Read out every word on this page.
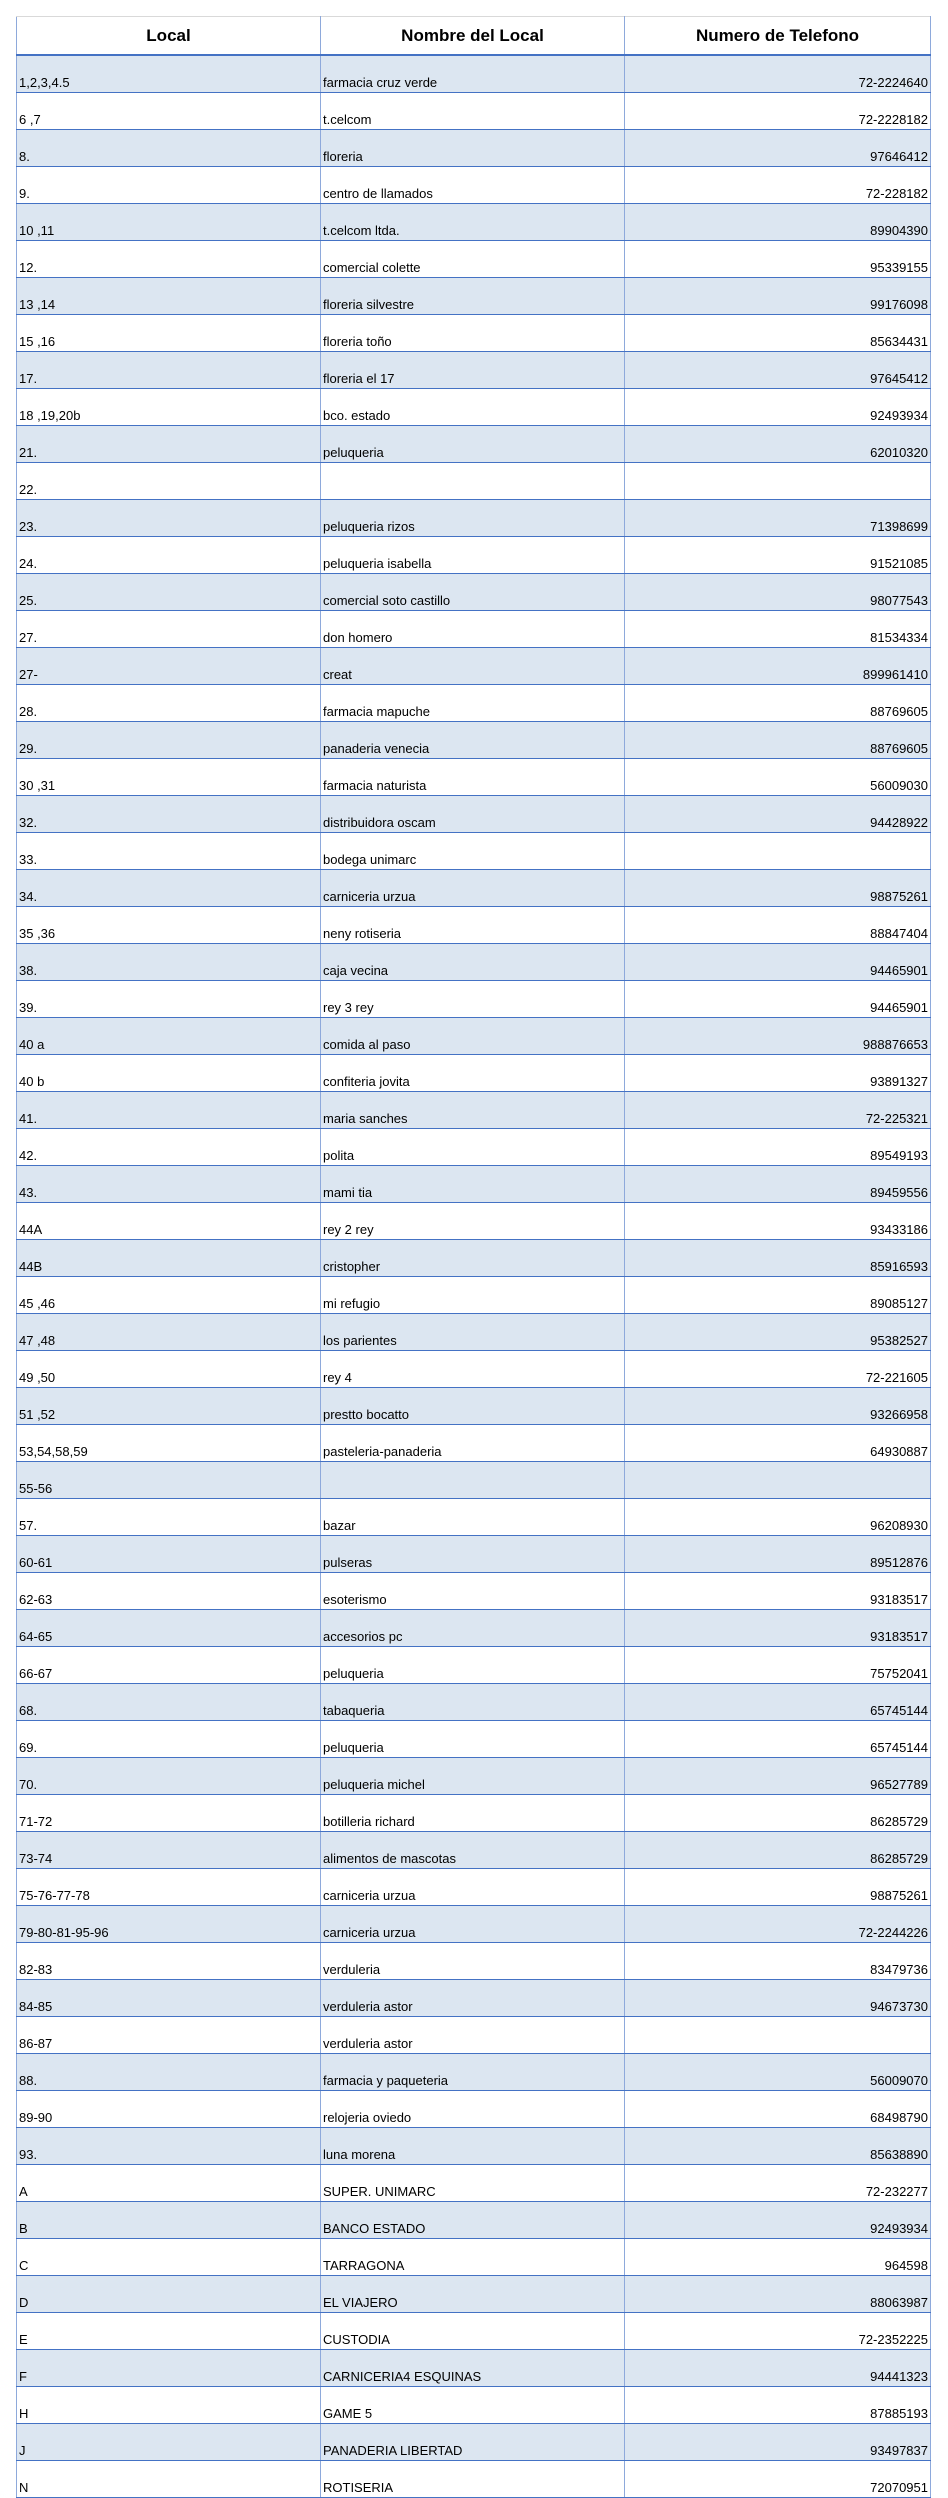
Local	Nombre del Local	Numero de Telefono
1,2,3,4.5	farmacia cruz verde	72-2224640
6 ,7	t.celcom	72-2228182
8.	floreria	97646412
9.	centro de llamados	72-228182
10 ,11	t.celcom ltda.	89904390
12.	comercial colette	95339155
13 ,14	floreria silvestre	99176098
15 ,16	floreria toño	85634431
17.	floreria el 17	97645412
18 ,19,20b	bco. estado	92493934
21.	peluqueria	62010320
22.		
23.	peluqueria rizos	71398699
24.	peluqueria isabella	91521085
25.	comercial soto castillo	98077543
27.	don homero	81534334
27-	creat	899961410
28.	farmacia mapuche	88769605
29.	panaderia venecia	88769605
30 ,31	farmacia naturista	56009030
32.	distribuidora oscam	94428922
33.	bodega unimarc	
34.	carniceria urzua	98875261
35 ,36	neny rotiseria	88847404
38.	caja vecina	94465901
39.	rey 3 rey	94465901
40 a	comida al paso	988876653
40 b	confiteria jovita	93891327
41.	maria sanches	72-225321
42.	polita	89549193
43.	mami tia	89459556
44A	rey 2 rey	93433186
44B	cristopher	85916593
45 ,46	mi refugio	89085127
47 ,48	los parientes	95382527
49 ,50	rey 4	72-221605
51 ,52	prestto bocatto	93266958
53,54,58,59	pasteleria-panaderia	64930887
55-56		
57.	bazar	96208930
60-61	pulseras	89512876
62-63	esoterismo	93183517
64-65	accesorios pc	93183517
66-67	peluqueria	75752041
68.	tabaqueria	65745144
69.	peluqueria	65745144
70.	peluqueria michel	96527789
71-72	botilleria richard	86285729
73-74	alimentos de mascotas	86285729
75-76-77-78	carniceria urzua	98875261
79-80-81-95-96	carniceria urzua	72-2244226
82-83	verduleria	83479736
84-85	verduleria astor	94673730
86-87	verduleria astor	
88.	farmacia y paqueteria	56009070
89-90	relojeria oviedo	68498790
93.	luna morena	85638890
A	SUPER. UNIMARC	72-232277
B	BANCO ESTADO	92493934
C	TARRAGONA	964598
D	EL VIAJERO	88063987
E	CUSTODIA	72-2352225
F	CARNICERIA4 ESQUINAS	94441323
H	GAME 5	87885193
J	PANADERIA LIBERTAD	93497837
N	ROTISERIA	72070951
